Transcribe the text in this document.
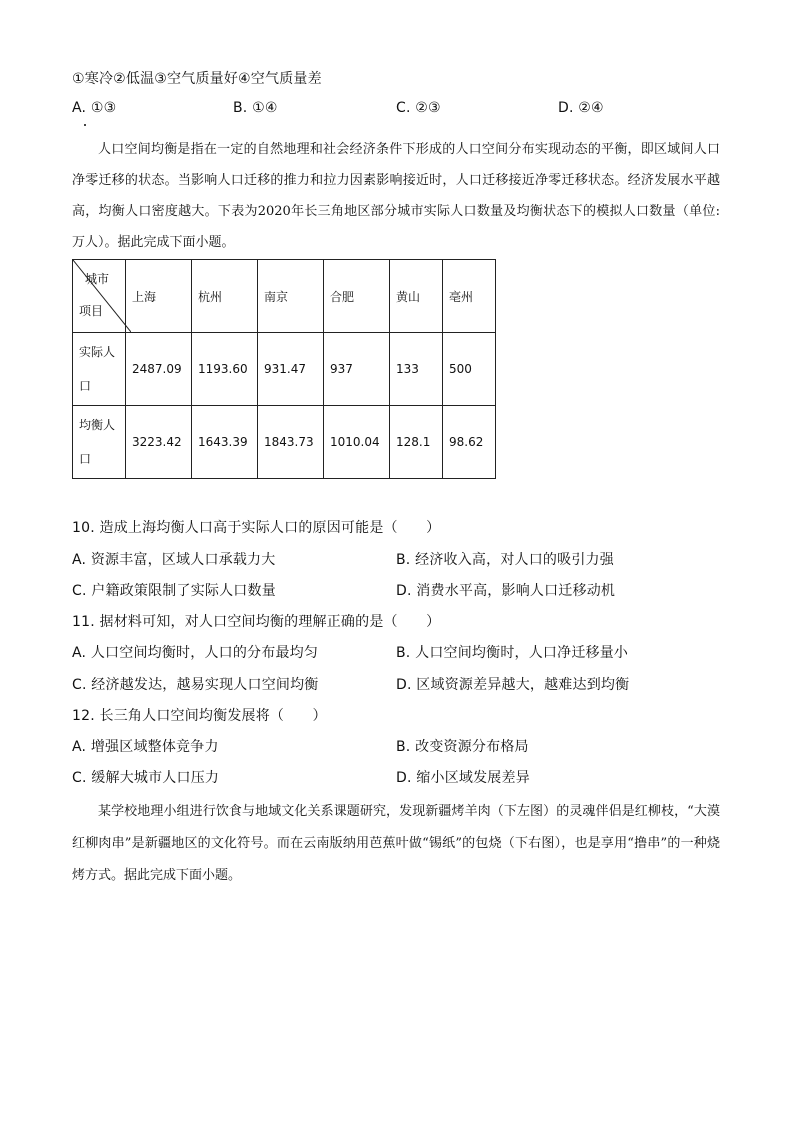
①寒冷②低温③空气质量好④空气质量差
A. ①③	B. ①④	C. ②③	D. ②④

人口空间均衡是指在一定的自然地理和社会经济条件下形成的人口空间分布实现动态的平衡，即区域间人口净零迁移的状态。当影响人口迁移的推力和拉力因素影响接近时，人口迁移接近净零迁移状态。经济发展水平越高，均衡人口密度越大。下表为2020年长三角地区部分城市实际人口数量及均衡状态下的模拟人口数量（单位:万人）。据此完成下面小题。

城市
项目	上海	杭州	南京	合肥	黄山	亳州
实际人
口	2487.09	1193.60	931.47	937	133	500
均衡人
口	3223.42	1643.39	1843.73	1010.04	128.1	98.62
10. 造成上海均衡人口高于实际人口的原因可能是（　　）
A. 资源丰富，区域人口承载力大	B. 经济收入高，对人口的吸引力强
C. 户籍政策限制了实际人口数量	D. 消费水平高，影响人口迁移动机
11. 据材料可知，对人口空间均衡的理解正确的是（　　）
A. 人口空间均衡时，人口的分布最均匀	B. 人口空间均衡时，人口净迁移量小
C. 经济越发达，越易实现人口空间均衡	D. 区域资源差异越大，越难达到均衡
12. 长三角人口空间均衡发展将（　　）
A. 增强区域整体竞争力	B. 改变资源分布格局
C. 缓解大城市人口压力	D. 缩小区域发展差异

某学校地理小组进行饮食与地域文化关系课题研究，发现新疆烤羊肉（下左图）的灵魂伴侣是红柳枝，“大漠红柳肉串”是新疆地区的文化符号。而在云南版纳用芭蕉叶做“锡纸”的包烧（下右图），也是享用“撸串”的一种烧烤方式。据此完成下面小题。
